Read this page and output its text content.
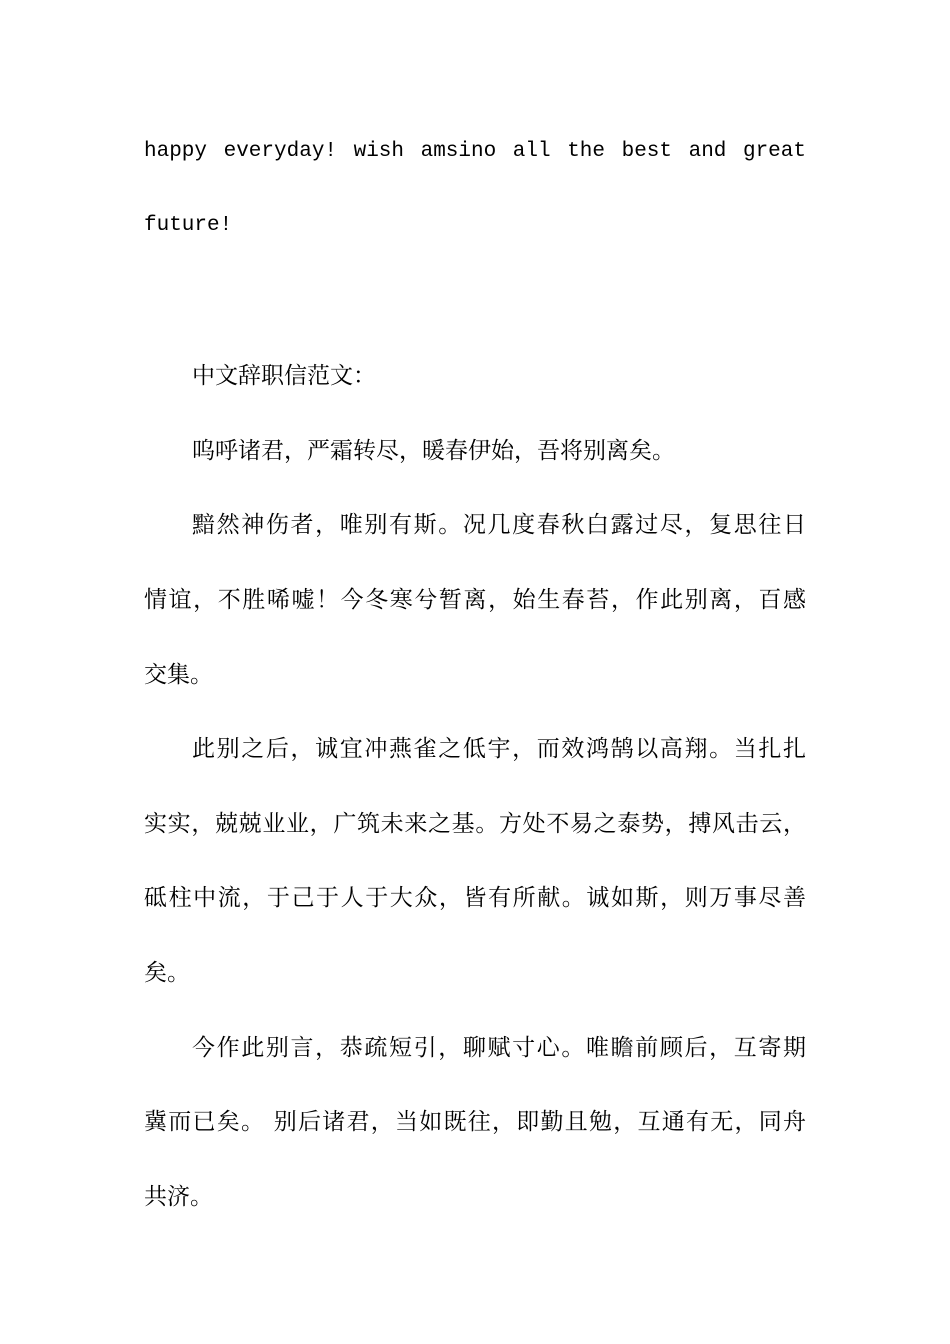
happy everyday! wish amsino all the best and great
future!
中文辞职信范文：
呜呼诸君，严霜转尽，暖春伊始，吾将别离矣。
黯然神伤者，唯别有斯。况几度春秋白露过尽，复思往日
情谊，不胜唏嘘！今冬寒兮暂离，始生春苔，作此别离，百感
交集。
此别之后，诚宜冲燕雀之低宇，而效鸿鹄以高翔。当扎扎
实实，兢兢业业，广筑未来之基。方处不易之泰势，搏风击云，
砥柱中流，于己于人于大众，皆有所献。诚如斯，则万事尽善
矣。
今作此别言，恭疏短引，聊赋寸心。唯瞻前顾后，互寄期
冀而已矣。 别后诸君，当如既往，即勤且勉，互通有无，同舟
共济。
